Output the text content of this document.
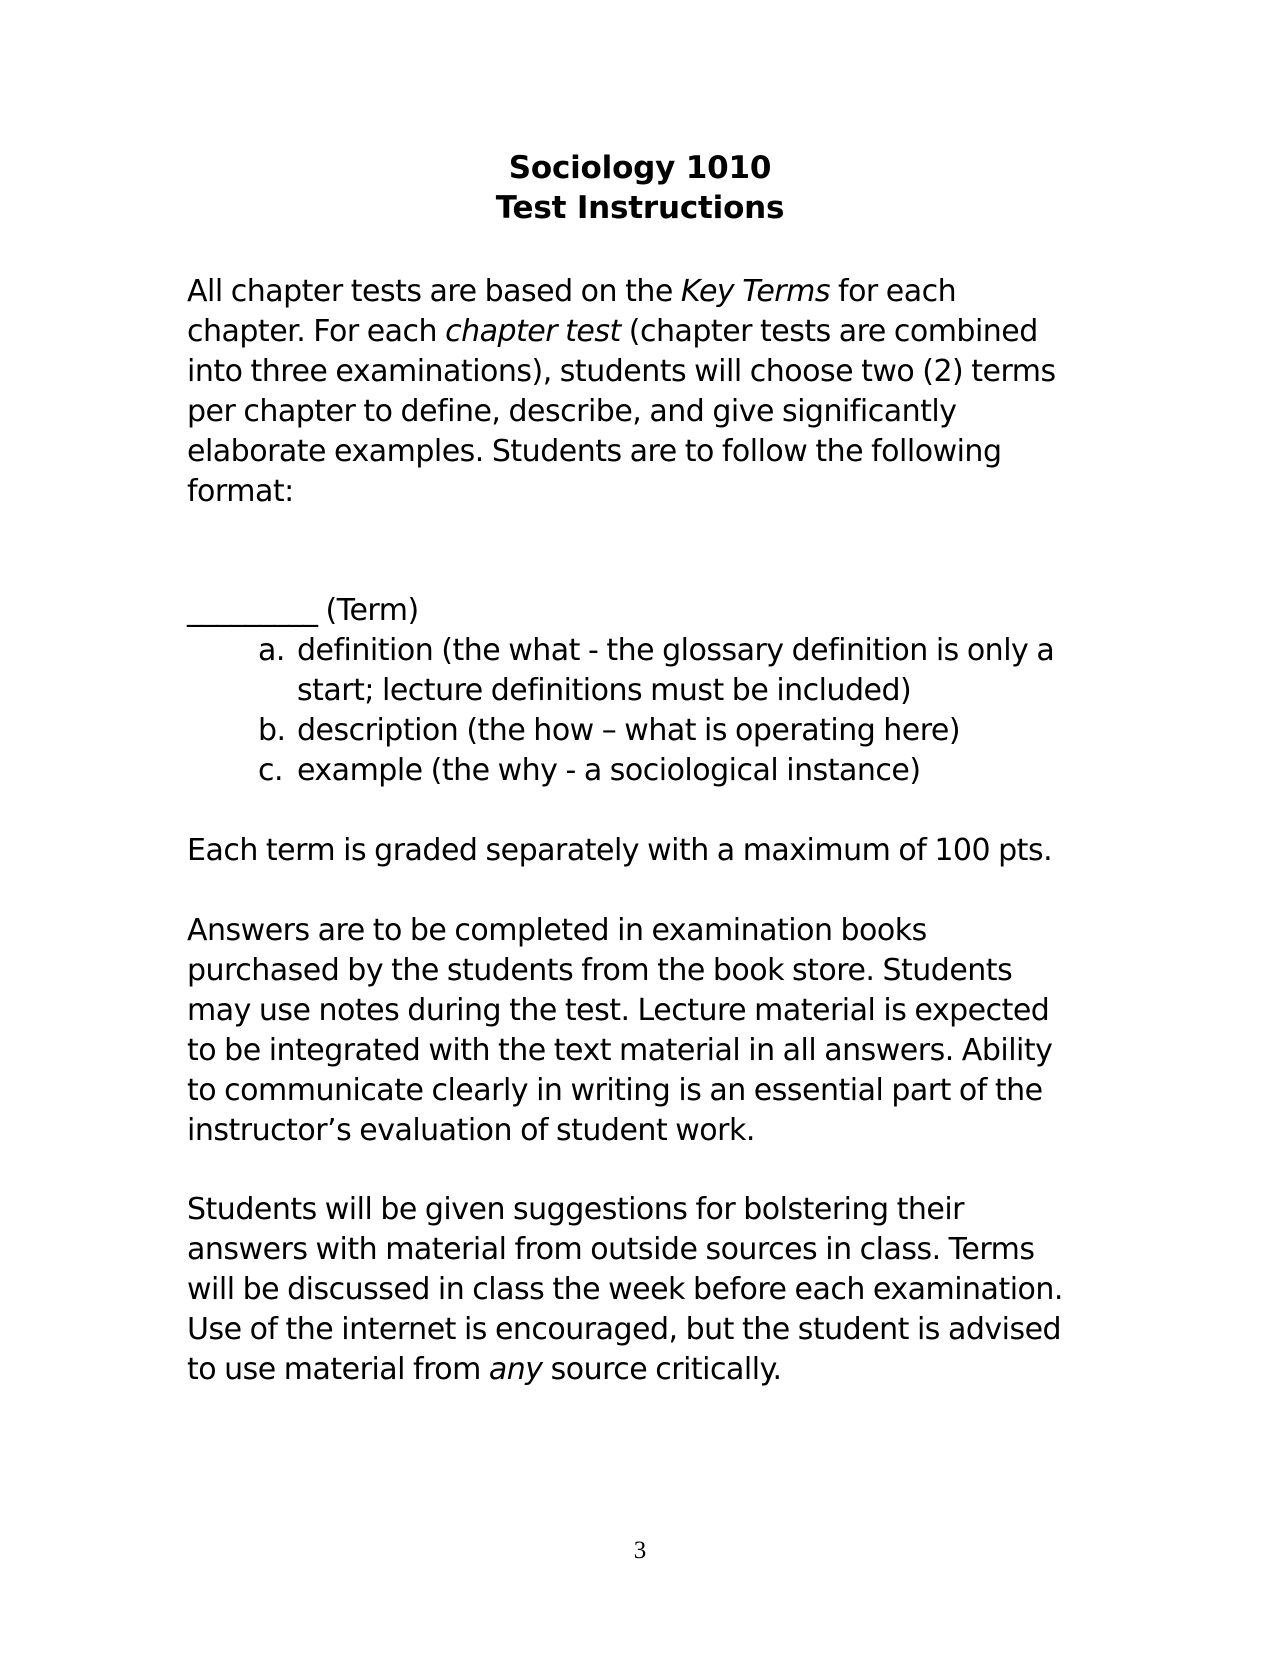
Sociology 1010
Test Instructions
All chapter tests are based on the Key Terms for each
chapter. For each chapter test (chapter tests are combined
into three examinations), students will choose two (2) terms
per chapter to define, describe, and give significantly
elaborate examples. Students are to follow the following
format:
_________ (Term)
a. definition (the what - the glossary definition is only a
start; lecture definitions must be included)
b. description (the how – what is operating here)
c. example (the why - a sociological instance)
Each term is graded separately with a maximum of 100 pts.
Answers are to be completed in examination books
purchased by the students from the book store. Students
may use notes during the test. Lecture material is expected
to be integrated with the text material in all answers. Ability
to communicate clearly in writing is an essential part of the
instructor’s evaluation of student work.
Students will be given suggestions for bolstering their
answers with material from outside sources in class. Terms
will be discussed in class the week before each examination.
Use of the internet is encouraged, but the student is advised
to use material from any source critically.
3
